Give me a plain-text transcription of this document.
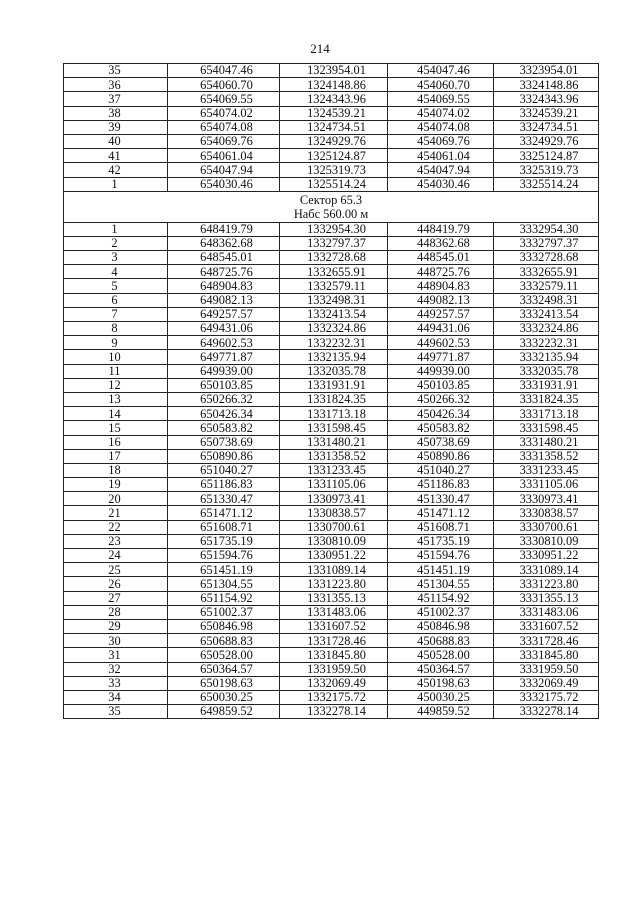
214
35	654047.46	1323954.01	454047.46	3323954.01
36	654060.70	1324148.86	454060.70	3324148.86
37	654069.55	1324343.96	454069.55	3324343.96
38	654074.02	1324539.21	454074.02	3324539.21
39	654074.08	1324734.51	454074.08	3324734.51
40	654069.76	1324929.76	454069.76	3324929.76
41	654061.04	1325124.87	454061.04	3325124.87
42	654047.94	1325319.73	454047.94	3325319.73
1	654030.46	1325514.24	454030.46	3325514.24

Сектор 65.3
Набс 560.00 м				

1	648419.79	1332954.30	448419.79	3332954.30
2	648362.68	1332797.37	448362.68	3332797.37
3	648545.01	1332728.68	448545.01	3332728.68
4	648725.76	1332655.91	448725.76	3332655.91
5	648904.83	1332579.11	448904.83	3332579.11
6	649082.13	1332498.31	449082.13	3332498.31
7	649257.57	1332413.54	449257.57	3332413.54
8	649431.06	1332324.86	449431.06	3332324.86
9	649602.53	1332232.31	449602.53	3332232.31
10	649771.87	1332135.94	449771.87	3332135.94
11	649939.00	1332035.78	449939.00	3332035.78
12	650103.85	1331931.91	450103.85	3331931.91
13	650266.32	1331824.35	450266.32	3331824.35
14	650426.34	1331713.18	450426.34	3331713.18
15	650583.82	1331598.45	450583.82	3331598.45
16	650738.69	1331480.21	450738.69	3331480.21
17	650890.86	1331358.52	450890.86	3331358.52
18	651040.27	1331233.45	451040.27	3331233.45
19	651186.83	1331105.06	451186.83	3331105.06
20	651330.47	1330973.41	451330.47	3330973.41
21	651471.12	1330838.57	451471.12	3330838.57
22	651608.71	1330700.61	451608.71	3330700.61
23	651735.19	1330810.09	451735.19	3330810.09
24	651594.76	1330951.22	451594.76	3330951.22
25	651451.19	1331089.14	451451.19	3331089.14
26	651304.55	1331223.80	451304.55	3331223.80
27	651154.92	1331355.13	451154.92	3331355.13
28	651002.37	1331483.06	451002.37	3331483.06
29	650846.98	1331607.52	450846.98	3331607.52
30	650688.83	1331728.46	450688.83	3331728.46
31	650528.00	1331845.80	450528.00	3331845.80
32	650364.57	1331959.50	450364.57	3331959.50
33	650198.63	1332069.49	450198.63	3332069.49
34	650030.25	1332175.72	450030.25	3332175.72
35	649859.52	1332278.14	449859.52	3332278.14
